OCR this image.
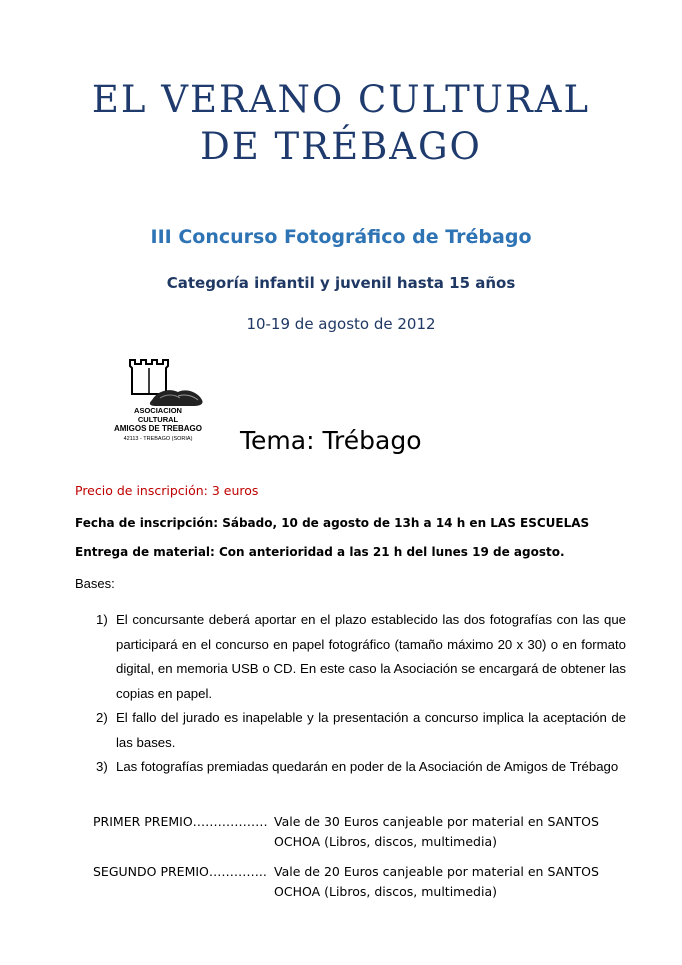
EL VERANO CULTURAL
DE TRÉBAGO
III Concurso Fotográfico de Trébago
Categoría infantil y juvenil hasta 15 años
10-19 de agosto de 2012
ASOCIACION
CULTURAL
AMIGOS DE TREBAGO
42113 - TREBAGO (SORIA)	Tema: Trébago
Precio de inscripción: 3 euros
Fecha de inscripción: Sábado, 10 de agosto de 13h a 14 h en LAS ESCUELAS
Entrega de material: Con anterioridad a las 21 h del lunes 19 de agosto.
Bases:
1) El concursante deberá aportar en el plazo establecido las dos fotografías con las que participará en el concurso en papel fotográfico (tamaño máximo 20 x 30) o en formato digital, en memoria USB o CD. En este caso la Asociación se encargará de obtener las copias en papel.
2) El fallo del jurado es inapelable y la presentación a concurso implica la aceptación de las bases.
3) Las fotografías premiadas quedarán en poder de la Asociación de Amigos de Trébago
PRIMER PREMIO……………… Vale de 30 Euros canjeable por material en SANTOS OCHOA (Libros, discos, multimedia)
SEGUNDO PREMIO………….. Vale de 20 Euros canjeable por material en SANTOS OCHOA (Libros, discos, multimedia)
